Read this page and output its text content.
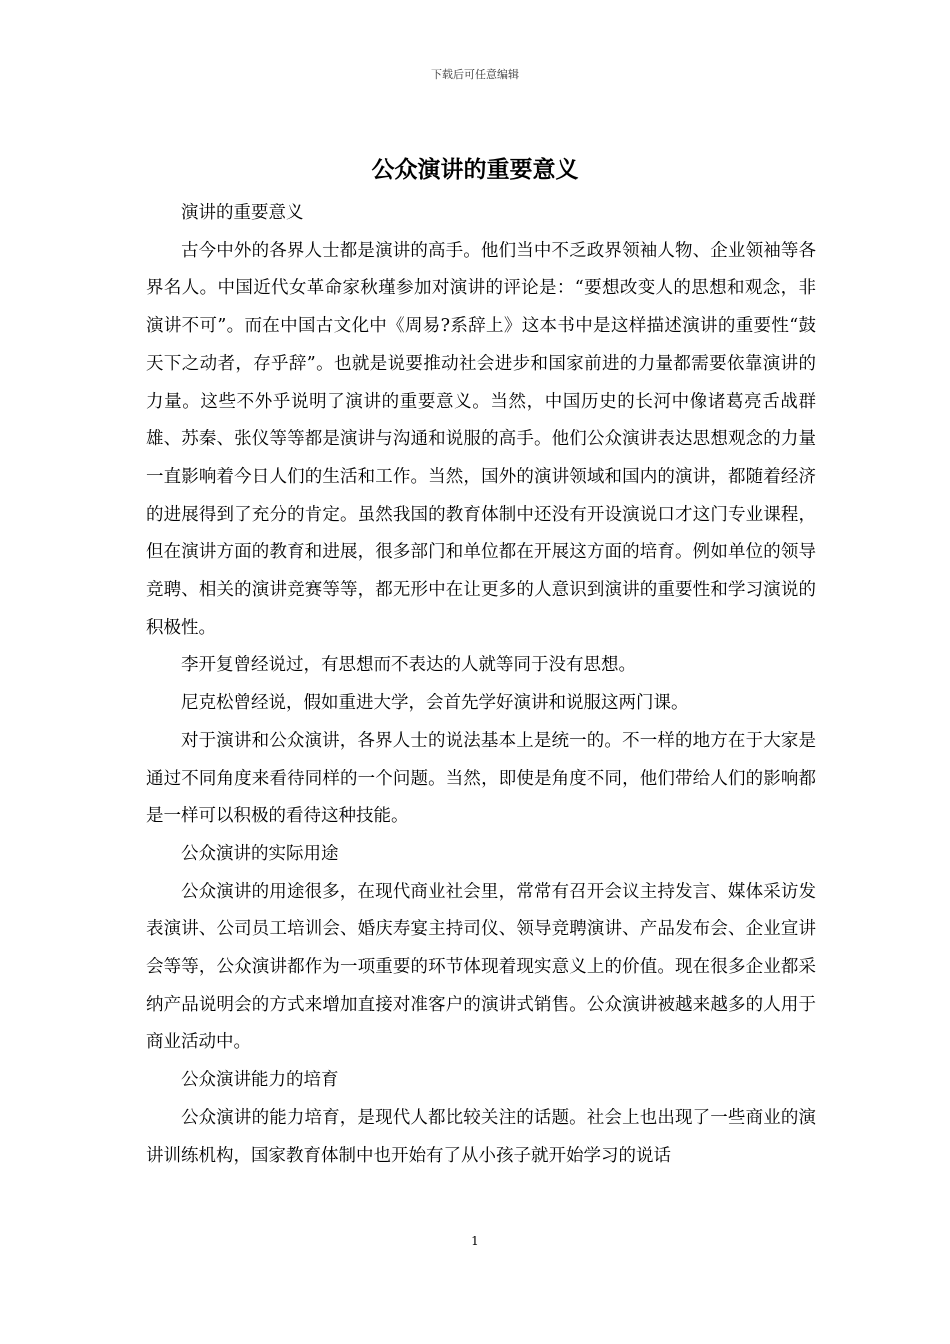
下载后可任意编辑
公众演讲的重要意义

演讲的重要意义

古今中外的各界人士都是演讲的高手。他们当中不乏政界领袖人物、企业领袖等各界名人。中国近代女革命家秋瑾参加对演讲的评论是：“要想改变人的思想和观念，非演讲不可”。而在中国古文化中《周易?系辞上》这本书中是这样描述演讲的重要性“鼓天下之动者，存乎辞”。也就是说要推动社会进步和国家前进的力量都需要依靠演讲的力量。这些不外乎说明了演讲的重要意义。当然，中国历史的长河中像诸葛亮舌战群雄、苏秦、张仪等等都是演讲与沟通和说服的高手。他们公众演讲表达思想观念的力量一直影响着今日人们的生活和工作。当然，国外的演讲领域和国内的演讲，都随着经济的进展得到了充分的肯定。虽然我国的教育体制中还没有开设演说口才这门专业课程，但在演讲方面的教育和进展，很多部门和单位都在开展这方面的培育。例如单位的领导竞聘、相关的演讲竞赛等等，都无形中在让更多的人意识到演讲的重要性和学习演说的积极性。

李开复曾经说过，有思想而不表达的人就等同于没有思想。

尼克松曾经说，假如重进大学，会首先学好演讲和说服这两门课。

对于演讲和公众演讲，各界人士的说法基本上是统一的。不一样的地方在于大家是通过不同角度来看待同样的一个问题。当然，即使是角度不同，他们带给人们的影响都是一样可以积极的看待这种技能。

公众演讲的实际用途

公众演讲的用途很多，在现代商业社会里，常常有召开会议主持发言、媒体采访发表演讲、公司员工培训会、婚庆寿宴主持司仪、领导竞聘演讲、产品发布会、企业宣讲会等等，公众演讲都作为一项重要的环节体现着现实意义上的价值。现在很多企业都采纳产品说明会的方式来增加直接对准客户的演讲式销售。公众演讲被越来越多的人用于商业活动中。

公众演讲能力的培育

公众演讲的能力培育，是现代人都比较关注的话题。社会上也出现了一些商业的演讲训练机构，国家教育体制中也开始有了从小孩子就开始学习的说话

1
